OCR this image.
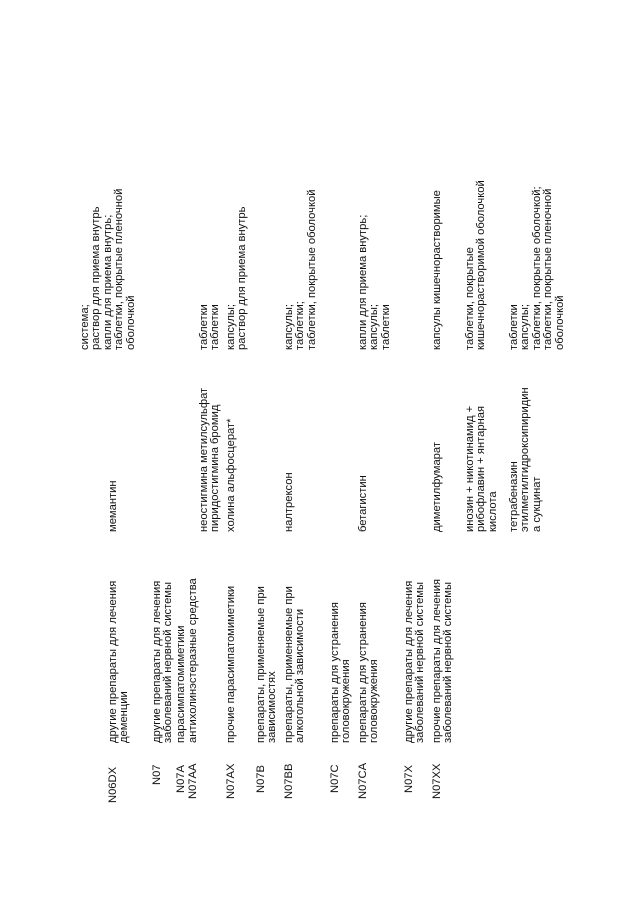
система;
раствор для приема внутрь
капли для приема внутрь;
таблетки, покрытые пленочной
оболочкой
N06DX
другие препараты для лечения
деменции
мемантин
N07
другие препараты для лечения
заболеваний нервной системы
N07A
парасимпатомиметики
N07AA
антихолинэстеразные средства
неостигмина метилсульфат
пиридостигмина бромид
таблетки
таблетки
N07AX
прочие парасимпатомиметики
холина альфосцерат*
капсулы;
раствор для приема внутрь
N07B
препараты, применяемые при
зависимостях
N07BB
препараты, применяемые при
алкогольной зависимости
налтрексон
капсулы;
таблетки;
таблетки, покрытые оболочкой
N07C
препараты для устранения
головокружения
N07CA
препараты для устранения
головокружения
бетагистин
капли для приема внутрь;
капсулы;
таблетки
N07X
другие препараты для лечения
заболеваний нервной системы
N07XX
прочие препараты для лечения
заболеваний нервной системы
диметилфумарат
капсулы кишечнорастворимые
инозин + никотинамид +
рибофлавин + янтарная
кислота
таблетки, покрытые
кишечнорастворимой оболочкой
тетрабеназин
этилметилгидроксипиридин
а сукцинат
таблетки
капсулы;
таблетки, покрытые оболочкой;
таблетки, покрытые пленочной
оболочкой
